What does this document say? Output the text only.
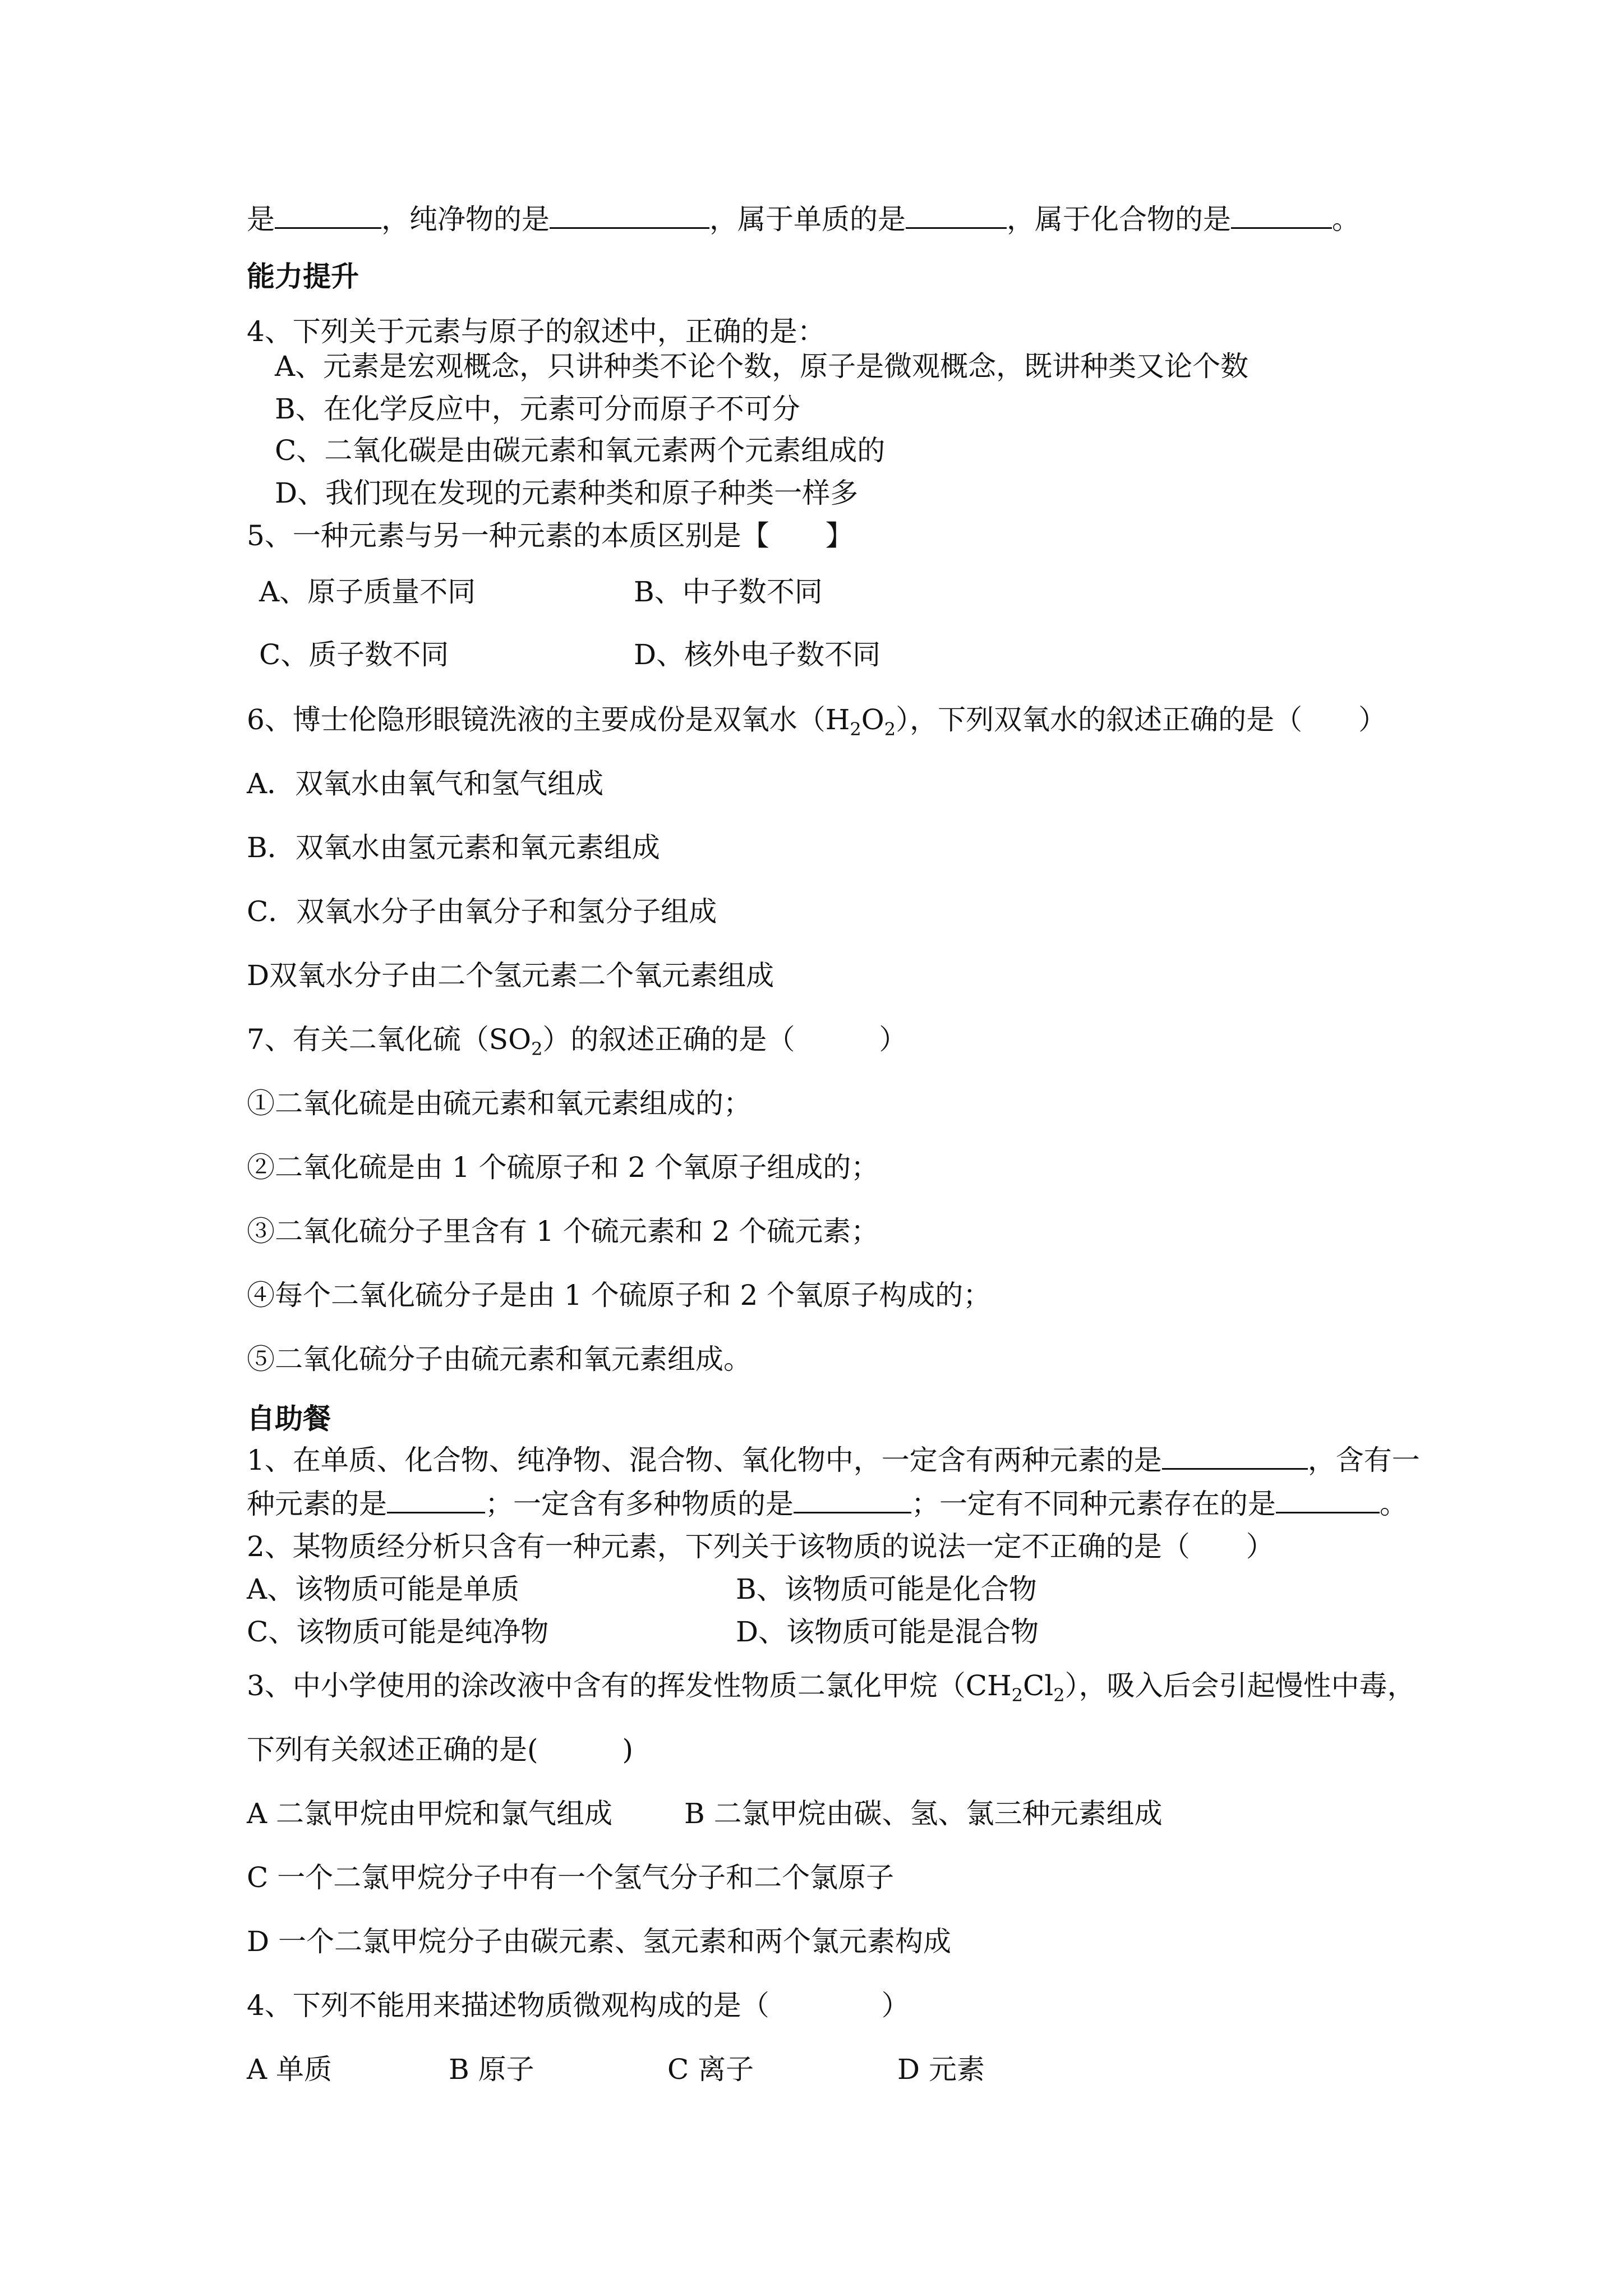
是	，纯净物的是	，属于单质的是	，属于化合物的是	。
能力提升
4、下列关于元素与原子的叙述中，正确的是：
A、元素是宏观概念，只讲种类不论个数，原子是微观概念，既讲种类又论个数
B、在化学反应中，元素可分而原子不可分
C、二氧化碳是由碳元素和氧元素两个元素组成的
D、我们现在发现的元素种类和原子种类一样多
5、一种元素与另一种元素的本质区别是【　　】
A、原子质量不同	B、中子数不同
C、质子数不同	D、核外电子数不同
6、博士伦隐形眼镜洗液的主要成份是双氧水$(H_2O_2)$，下列双氧水的叙述正确的是（　　）
A．双氧水由氧气和氢气组成
B．双氧水由氢元素和氧元素组成
C．双氧水分子由氧分子和氢分子组成
D双氧水分子由二个氢元素二个氧元素组成
7、有关二氧化硫$(SO_2)$的叙述正确的是（　　　）
①二氧化硫是由硫元素和氧元素组成的；
②二氧化硫是由 1 个硫原子和 2 个氧原子组成的；
③二氧化硫分子里含有 1 个硫元素和 2 个硫元素；
④每个二氧化硫分子是由 1 个硫原子和 2 个氧原子构成的；
⑤二氧化硫分子由硫元素和氧元素组成。
自助餐
1、在单质、化合物、纯净物、混合物、氧化物中，一定含有两种元素的是	，含有一
种元素的是	；一定含有多种物质的是	；一定有不同种元素存在的是	。
2、某物质经分析只含有一种元素，下列关于该物质的说法一定不正确的是（　　）
A、该物质可能是单质	B、该物质可能是化合物
C、该物质可能是纯净物	D、该物质可能是混合物
3、中小学使用的涂改液中含有的挥发性物质二氯化甲烷$(CH_2Cl_2)$，吸入后会引起慢性中毒，
下列有关叙述正确的是(　　　)
A 二氯甲烷由甲烷和氯气组成	B 二氯甲烷由碳、氢、氯三种元素组成
C 一个二氯甲烷分子中有一个氢气分子和二个氯原子
D 一个二氯甲烷分子由碳元素、氢元素和两个氯元素构成
4、下列不能用来描述物质微观构成的是（　　　　）
A 单质	B 原子	C 离子	D 元素
